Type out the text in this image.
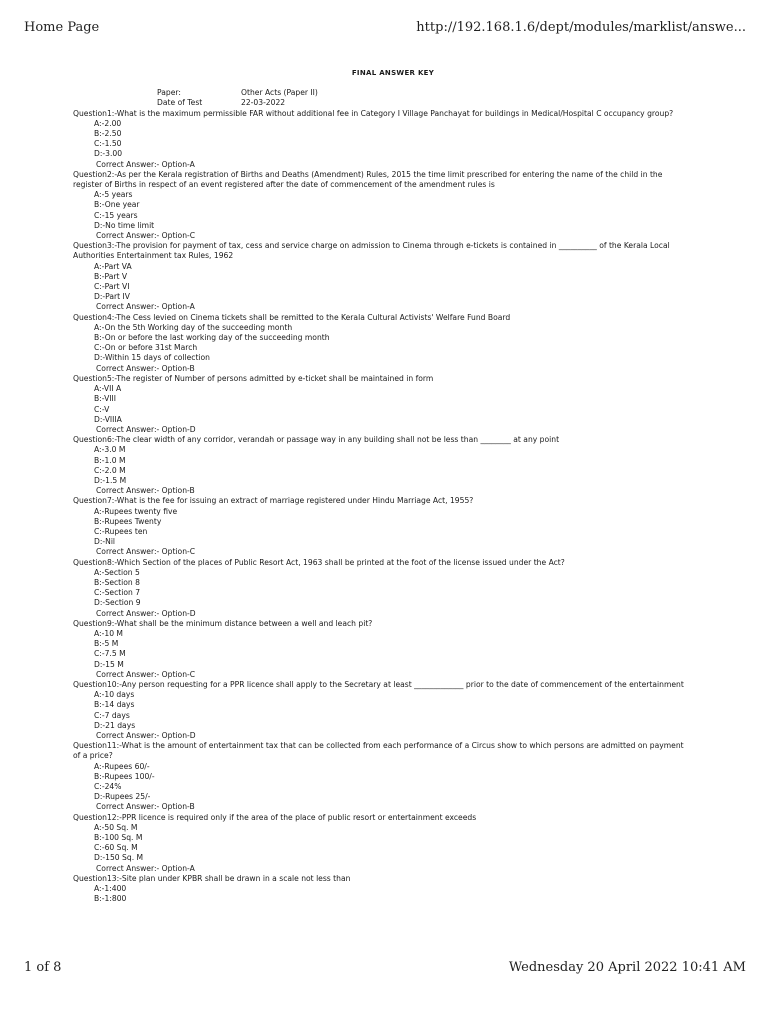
Home Page	http://192.168.1.6/dept/modules/marklist/answe...
FINAL ANSWER KEY
Paper:	Other Acts (Paper II)
Date of Test	22-03-2022
Question1:-What is the maximum permissible FAR without additional fee in Category I Village Panchayat for buildings in Medical/Hospital C occupancy group?
A:-2.00
B:-2.50
C:-1.50
D:-3.00
Correct Answer:- Option-A
Question2:-As per the Kerala registration of Births and Deaths (Amendment) Rules, 2015 the time limit prescribed for entering the name of the child in the register of Births in respect of an event registered after the date of commencement of the amendment rules is
A:-5 years
B:-One year
C:-15 years
D:-No time limit
Correct Answer:- Option-C
Question3:-The provision for payment of tax, cess and service charge on admission to Cinema through e-tickets is contained in __________ of the Kerala Local Authorities Entertainment tax Rules, 1962
A:-Part VA
B:-Part V
C:-Part VI
D:-Part IV
Correct Answer:- Option-A
Question4:-The Cess levied on Cinema tickets shall be remitted to the Kerala Cultural Activists' Welfare Fund Board
A:-On the 5th Working day of the succeeding month
B:-On or before the last working day of the succeeding month
C:-On or before 31st March
D:-Within 15 days of collection
Correct Answer:- Option-B
Question5:-The register of Number of persons admitted by e-ticket shall be maintained in form
A:-VII A
B:-VIII
C:-V
D:-VIIIA
Correct Answer:- Option-D
Question6:-The clear width of any corridor, verandah or passage way in any building shall not be less than ________ at any point
A:-3.0 M
B:-1.0 M
C:-2.0 M
D:-1.5 M
Correct Answer:- Option-B
Question7:-What is the fee for issuing an extract of marriage registered under Hindu Marriage Act, 1955?
A:-Rupees twenty five
B:-Rupees Twenty
C:-Rupees ten
D:-Nil
Correct Answer:- Option-C
Question8:-Which Section of the places of Public Resort Act, 1963 shall be printed at the foot of the license issued under the Act?
A:-Section 5
B:-Section 8
C:-Section 7
D:-Section 9
Correct Answer:- Option-D
Question9:-What shall be the minimum distance between a well and leach pit?
A:-10 M
B:-5 M
C:-7.5 M
D:-15 M
Correct Answer:- Option-C
Question10:-Any person requesting for a PPR licence shall apply to the Secretary at least _____________ prior to the date of commencement of the entertainment
A:-10 days
B:-14 days
C:-7 days
D:-21 days
Correct Answer:- Option-D
Question11:-What is the amount of entertainment tax that can be collected from each performance of a Circus show to which persons are admitted on payment of a price?
A:-Rupees 60/-
B:-Rupees 100/-
C:-24%
D:-Rupees 25/-
Correct Answer:- Option-B
Question12:-PPR licence is required only if the area of the place of public resort or entertainment exceeds
A:-50 Sq. M
B:-100 Sq. M
C:-60 Sq. M
D:-150 Sq. M
Correct Answer:- Option-A
Question13:-Site plan under KPBR shall be drawn in a scale not less than
A:-1:400
B:-1:800
1 of 8	Wednesday 20 April 2022 10:41 AM
